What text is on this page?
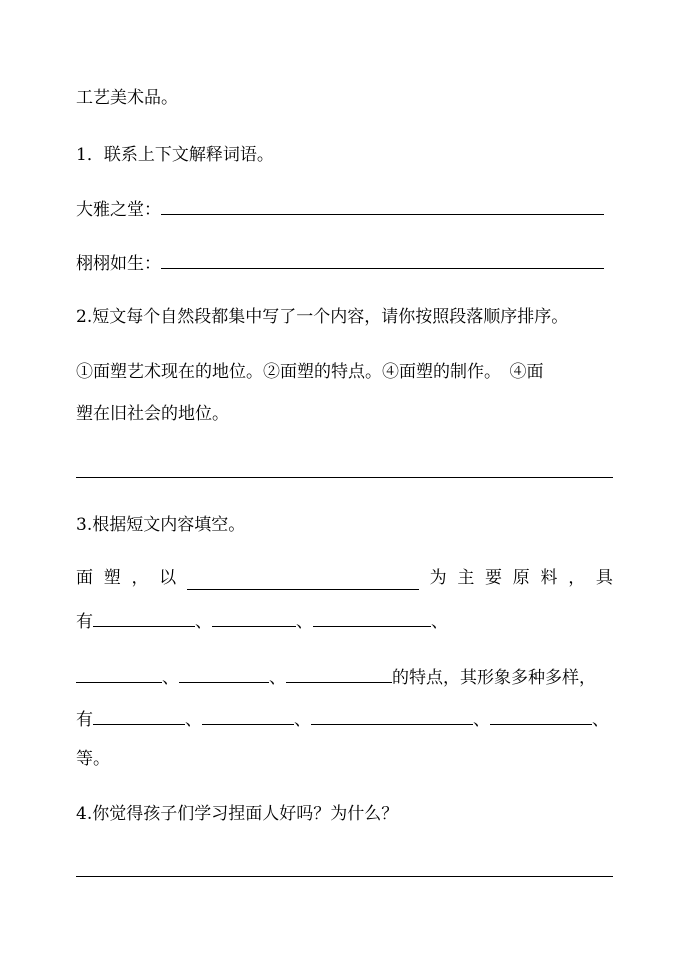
工艺美术品。
1．联系上下文解释词语。
大雅之堂：
栩栩如生：
2.短文每个自然段都集中写了一个内容，请你按照段落顺序排序。
①面塑艺术现在的地位。②面塑的特点。④面塑的制作。　④面
塑在旧社会的地位。
3.根据短文内容填空。
面 塑 ， 以	为 主 要 原 料 ， 具
有	、	、	、
、	、	的特点，其形象多种多样，
有	、	、	、	、
等。
4.你觉得孩子们学习捏面人好吗？为什么？
